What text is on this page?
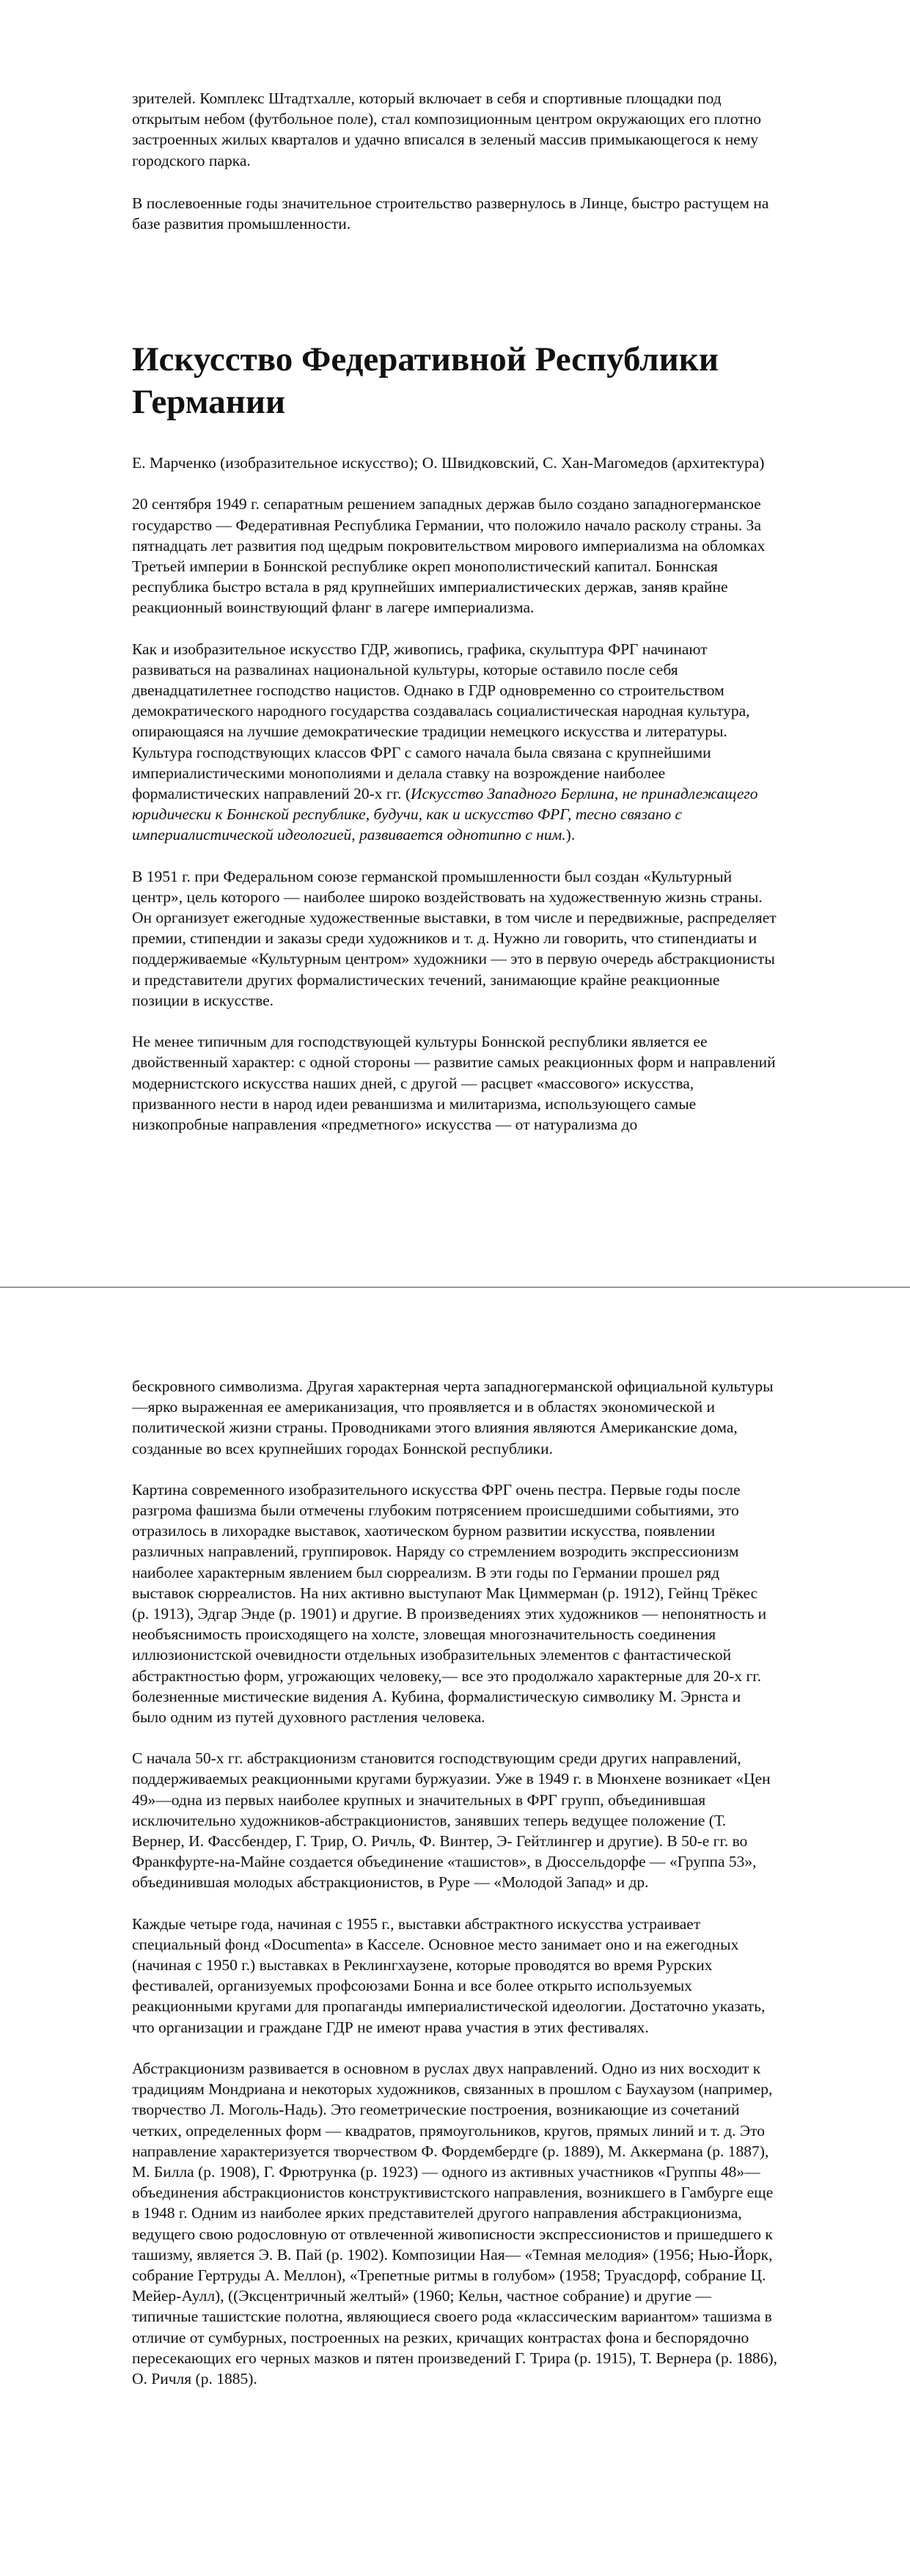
зрителей. Комплекс Штадтхалле, который включает в себя и спортивные площадки под открытым небом (футбольное поле), стал композиционным центром окружающих его плотно застроенных жилых кварталов и удачно вписался в зеленый массив примыкающегося к нему городского парка.

В послевоенные годы значительное строительство развернулось в Линце, быстро растущем на базе развития промышленности.

Искусство Федеративной Республики Германии

Е. Марченко (изобразительное искусство); О. Швидковский, С. Хан-Магомедов (архитектура)

20 сентября 1949 г. сепаратным решением западных держав было создано западногерманское государство — Федеративная Республика Германии, что положило начало расколу страны. За пятнадцать лет развития под щедрым покровительством мирового империализма на обломках Третьей империи в Боннской республике окреп монополистический капитал. Боннская республика быстро встала в ряд крупнейших империалистических держав, заняв крайне реакционный воинствующий фланг в лагере империализма.

Как и изобразительное искусство ГДР, живопись, графика, скульптура ФРГ начинают развиваться на развалинах национальной культуры, которые оставило после себя двенадцатилетнее господство нацистов. Однако в ГДР одновременно со строительством демократического народного государства создавалась социалистическая народная культура, опирающаяся на лучшие демократические традиции немецкого искусства и литературы. Культура господствующих классов ФРГ с самого начала была связана с крупнейшими империалистическими монополиями и делала ставку на возрождение наиболее формалистических направлений 20-х гг. (Искусство Западного Берлина, не принадлежащего юридически к Боннской республике, будучи, как и искусство ФРГ, тесно связано с империалистической идеологией, развивается однотипно с ним.).

В 1951 г. при Федеральном союзе германской промышленности был создан «Культурный центр», цель которого — наиболее широко воздействовать на художественную жизнь страны. Он организует ежегодные художественные выставки, в том числе и передвижные, распределяет премии, стипендии и заказы среди художников и т. д. Нужно ли говорить, что стипендиаты и поддерживаемые «Культурным центром» художники — это в первую очередь абстракционисты и представители других формалистических течений, занимающие крайне реакционные позиции в искусстве.

Не менее типичным для господствующей культуры Боннской республики является ее двойственный характер: с одной стороны — развитие самых реакционных форм и направлений модернистского искусства наших дней, с другой — расцвет «массового» искусства, призванного нести в народ идеи реваншизма и милитаризма, использующего самые низкопробные направления «предметного» искусства — от натурализма до

бескровного символизма. Другая характерная черта западногерманской официальной культуры—ярко выраженная ее американизация, что проявляется и в областях экономической и политической жизни страны. Проводниками этого влияния являются Американские дома, созданные во всех крупнейших городах Боннской республики.

Картина современного изобразительного искусства ФРГ очень пестра. Первые годы после разгрома фашизма были отмечены глубоким потрясением происшедшими событиями, это отразилось в лихорадке выставок, хаотическом бурном развитии искусства, появлении различных направлений, группировок. Наряду со стремлением возродить экспрессионизм наиболее характерным явлением был сюрреализм. В эти годы по Германии прошел ряд выставок сюрреалистов. На них активно выступают Мак Циммерман (р. 1912), Гейнц Трёкес (р. 1913), Эдгар Энде (р. 1901) и другие. В произведениях этих художников — непонятность и необъяснимость происходящего на холсте, зловещая многозначительность соединения иллюзионистской очевидности отдельных изобразительных элементов с фантастической абстрактностью форм, угрожающих человеку,— все это продолжало характерные для 20-х гг. болезненные мистические видения А. Кубина, формалистическую символику М. Эрнста и было одним из путей духовного растления человека.

С начала 50-х гг. абстракционизм становится господствующим среди других направлений, поддерживаемых реакционными кругами буржуазии. Уже в 1949 г. в Мюнхене возникает «Цен 49»—одна из первых наиболее крупных и значительных в ФРГ групп, объединившая исключительно художников-абстракционистов, занявших теперь ведущее положение (Т. Вернер, И. Фассбендер, Г. Трир, О. Ричль, Ф. Винтер, Э- Гейтлингер и другие). В 50-е гг. во Франкфурте-на-Майне создается объединение «ташистов», в Дюссельдорфе — «Группа 53», объединившая молодых абстракционистов, в Руре — «Молодой Запад» и др.

Каждые четыре года, начиная с 1955 г., выставки абстрактного искусства устраивает специальный фонд «Documenta» в Касселе. Основное место занимает оно и на ежегодных (начиная с 1950 г.) выставках в Реклингхаузене, которые проводятся во время Рурских фестивалей, организуемых профсоюзами Бонна и все более открыто используемых реакционными кругами для пропаганды империалистической идеологии. Достаточно указать, что организации и граждане ГДР не имеют нрава участия в этих фестивалях.

Абстракционизм развивается в основном в руслах двух направлений. Одно из них восходит к традициям Мондриана и некоторых художников, связанных в прошлом с Баухаузом (например, творчество Л. Моголь-Надь). Это геометрические построения, возникающие из сочетаний четких, определенных форм — квадратов, прямоугольников, кругов, прямых линий и т. д. Это направление характеризуется творчеством Ф. Фордембердге (р. 1889), М. Аккермана (р. 1887), М. Билла (р. 1908), Г. Фрютрунка (р. 1923) — одного из активных участников «Группы 48»— объединения абстракционистов конструктивистского направления, возникшего в Гамбурге еще в 1948 г. Одним из наиболее ярких представителей другого направления абстракционизма, ведущего свою родословную от отвлеченной живописности экспрессионистов и пришедшего к ташизму, является Э. В. Пай (р. 1902). Композиции Ная— «Темная мелодия» (1956; Нью-Йорк, собрание Гертруды А. Меллон), «Трепетные ритмы в голубом» (1958; Труасдорф, собрание Ц. Мейер-Аулл), ((Эксцентричный желтый» (1960; Кельн, частное собрание) и другие — типичные ташистские полотна, являющиеся своего рода «классическим вариантом» ташизма в отличие от сумбурных, построенных на резких, кричащих контрастах фона и беспорядочно пересекающих его черных мазков и пятен произведений Г. Трира (р. 1915), Т. Вернера (р. 1886), О. Ричля (р. 1885).
